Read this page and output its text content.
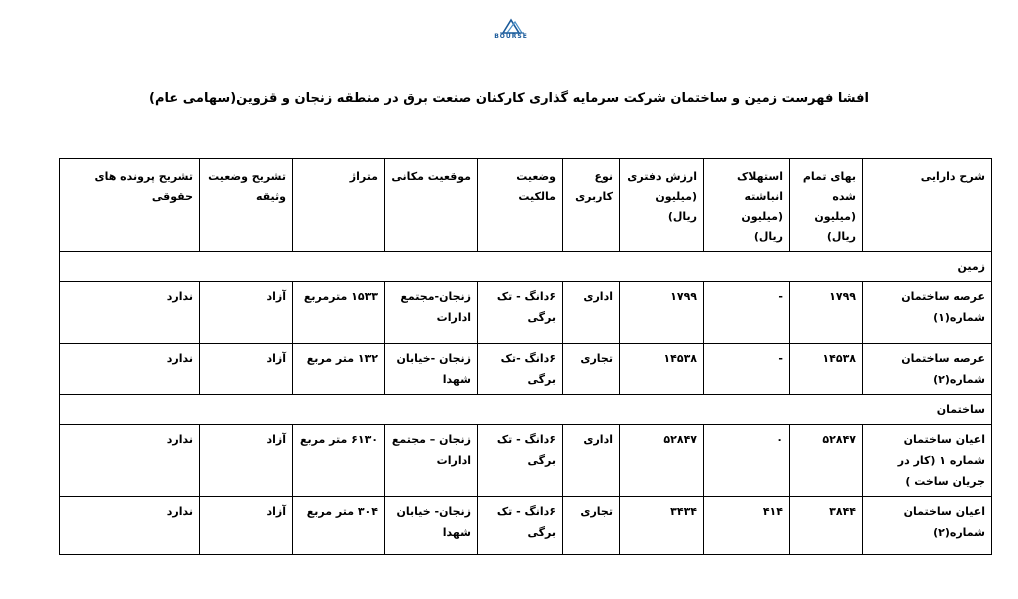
BOURSE

افشا فهرست زمین و ساختمان شرکت سرمایه گذاری کارکنان صنعت برق در منطقه زنجان و قزوین(سهامی عام)
شرح دارایی	بهای تمام شده (میلیون ریال)	استهلاک انباشته (میلیون ریال)	ارزش دفتری (میلیون ریال)	نوع کاربری	وضعیت مالکیت	موقعیت مکانی	متراژ	تشریح وضعیت وثیقه	تشریح پرونده های حقوقی
زمین									
عرصه ساختمان شماره(۱)	۱۷۹۹	-	۱۷۹۹	اداری	۶دانگ - تک برگی	زنجان-مجتمع ادارات	۱۵۳۳ مترمربع	آزاد	ندارد
عرصه ساختمان شماره(۲)	۱۴۵۳۸	-	۱۴۵۳۸	تجاری	۶دانگ -تک برگی	زنجان -خیابان شهدا	۱۳۲ متر مربع	آزاد	ندارد
ساختمان									
اعیان ساختمان شماره ۱ (کار در جریان ساخت )	۵۲۸۴۷	۰	۵۲۸۴۷	اداری	۶دانگ - تک برگی	زنجان – مجتمع ادارات	۶۱۳۰ متر مربع	آزاد	ندارد
اعیان ساختمان شماره(۲)	۳۸۴۴	۴۱۴	۳۴۳۴	تجاری	۶دانگ - تک برگی	زنجان- خیابان شهدا	۳۰۴ متر مربع	آزاد	ندارد
